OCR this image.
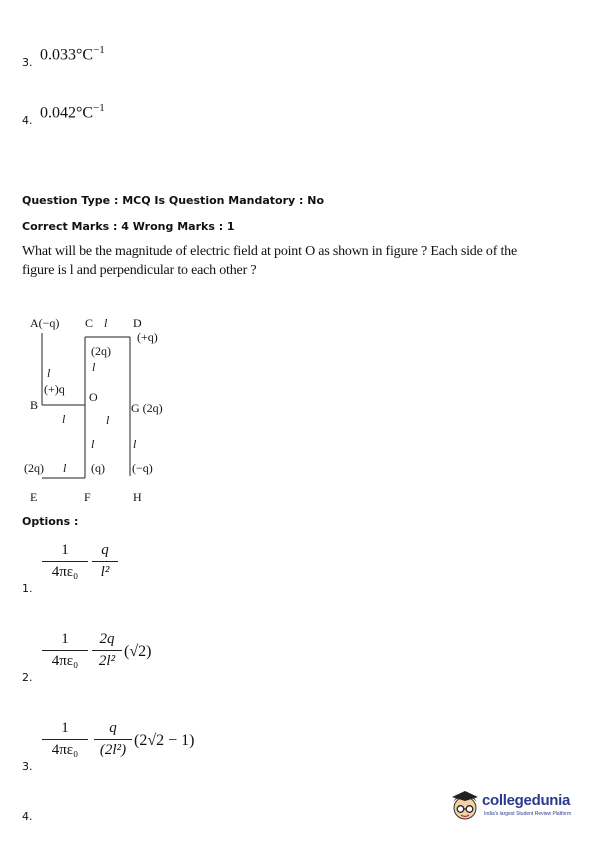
3. $0.033^\circ C^{-1}$
4. $0.042^\circ C^{-1}$
Question Type : MCQ Is Question Mandatory : No
Correct Marks : 4 Wrong Marks : 1
What will be the magnitude of electric field at point O as shown in figure ? Each side of the
figure is l and perpendicular to each other ?
A(−q) C l D
(+q)
(2q)
l
l
(+)q
O
B	G (2q)
l	l
l	l
(2q) l (q) (−q)
E	F	H
Options :
1.
1
4πε₀
q
l²
2.
1
4πε₀
2q
2l²
(√2)
3.
1
4πε₀
q
(2l²)
(2√2 − 1)
4.
collegedunia
India's largest Student Review Platform
